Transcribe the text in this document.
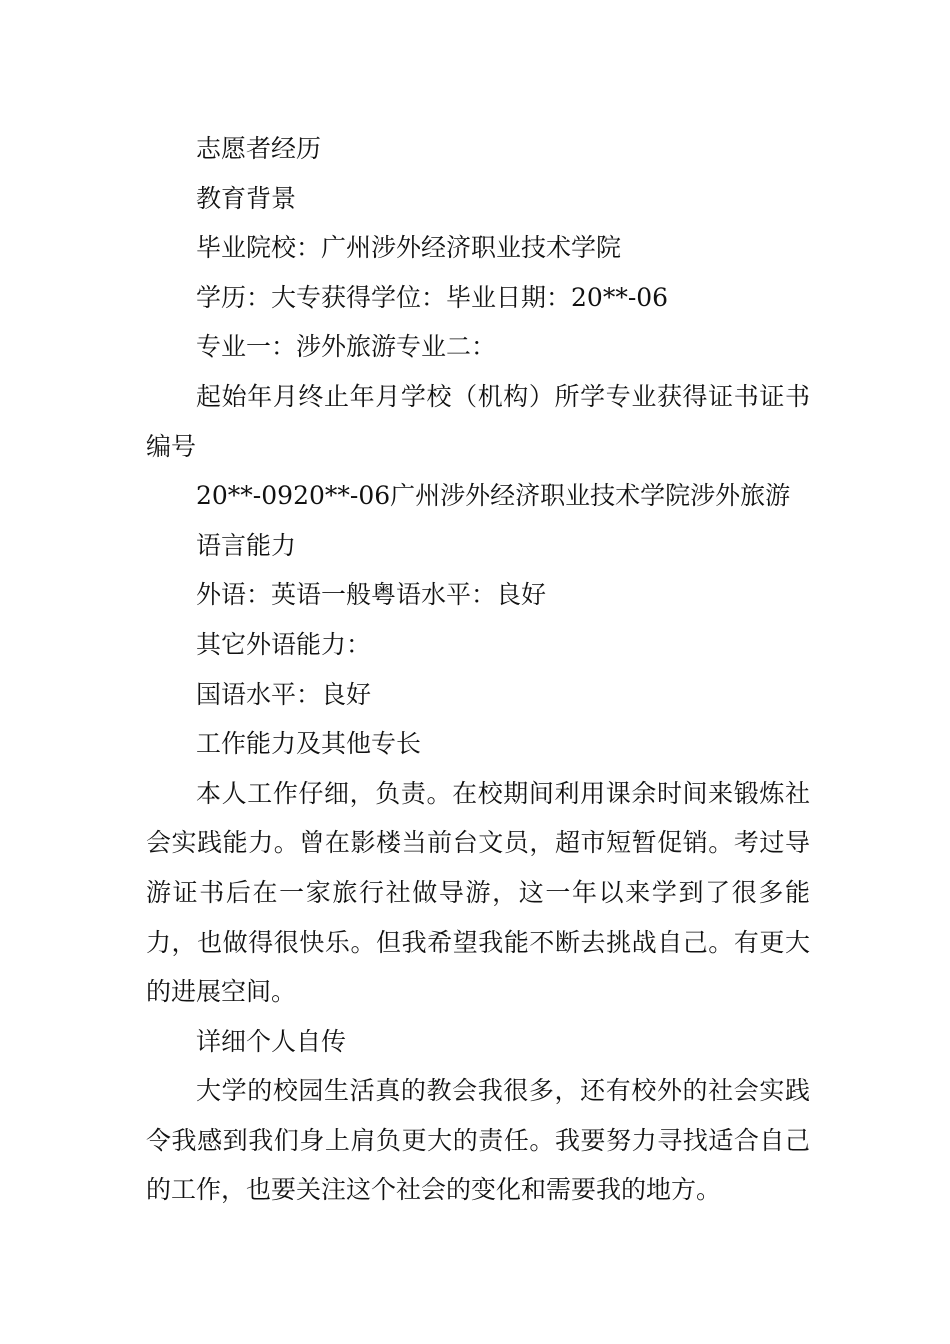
志愿者经历

教育背景

毕业院校：广州涉外经济职业技术学院

学历：大专获得学位：毕业日期：20**-06

专业一：涉外旅游专业二：

起始年月终止年月学校（机构）所学专业获得证书证书编号

20**-0920**-06广州涉外经济职业技术学院涉外旅游

语言能力

外语：英语一般粤语水平：良好

其它外语能力：

国语水平：良好

工作能力及其他专长

本人工作仔细，负责。在校期间利用课余时间来锻炼社会实践能力。曾在影楼当前台文员，超市短暂促销。考过导游证书后在一家旅行社做导游，这一年以来学到了很多能力，也做得很快乐。但我希望我能不断去挑战自己。有更大的进展空间。

详细个人自传

大学的校园生活真的教会我很多，还有校外的社会实践令我感到我们身上肩负更大的责任。我要努力寻找适合自己的工作，也要关注这个社会的变化和需要我的地方。
